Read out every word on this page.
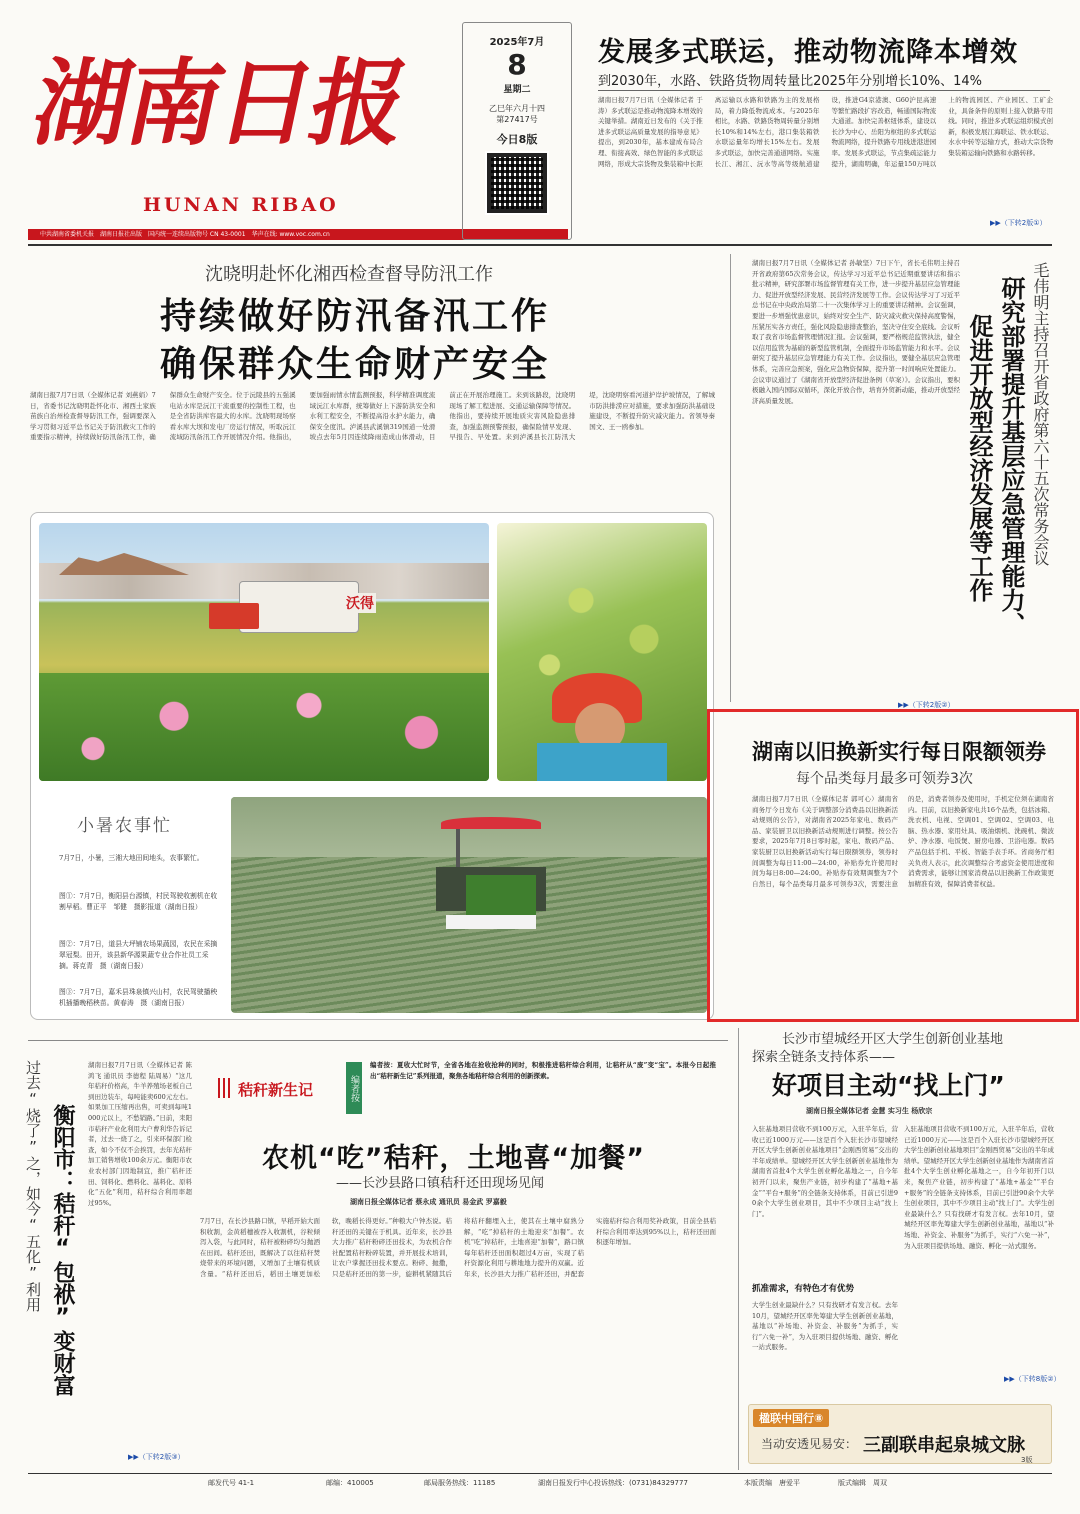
湖南日报
HUNAN RIBAO
中共湖南省委机关报　湖南日报社出版　国内统一连续出版物号 CN 43-0001　华声在线: www.voc.com.cn
2025年7月
8
星期二
乙巳年六月十四
第27417号
今日8版
发展多式联运，推动物流降本增效
到2030年，水路、铁路货物周转量比2025年分别增长10%、14%
湖南日报7月7日讯（全媒体记者 于涛）多式联运是推动物流降本增效的关键举措。湖南近日发布的《关于推进多式联运高质量发展的指导意见》提出，到2030年，基本建成布局合理、衔接高效、绿色智能的多式联运网络，形成大宗货物及集装箱中长距离运输以水路和铁路为主的发展格局，着力降低物流成本。与2025年相比，水路、铁路货物周转量分别增长10%和14%左右，港口集装箱铁水联运量年均增长15%左右。发展多式联运，加快完善通道网络。实施长江、湘江、沅水等高等级航道建设，推进G4京港澳、G60沪昆高速等繁忙路段扩容改造，畅通国际物流大通道。加快完善枢纽体系，建设以长沙为中心、岳阳为枢纽的多式联运物流网络，提升铁路专用线进港进园率。发展多式联运，节点集疏运能力提升，湖南明确，年运量150万吨以上的物流园区、产业园区、工矿企业，具备条件的原则上接入铁路专用线。同时，推进多式联运组织模式创新，积极发展江海联运、铁水联运、水水中转等运输方式，推动大宗货物集装箱运输向铁路和水路转移。
▶▶（下转2版①）
沈晓明赴怀化湘西检查督导防汛工作
持续做好防汛备汛工作
确保群众生命财产安全
湖南日报7月7日讯（全媒体记者 刘燕娟）7日，省委书记沈晓明赴怀化市、湘西土家族苗族自治州检查督导防汛工作，强调要深入学习贯彻习近平总书记关于防汛救灾工作的重要指示精神，持续做好防汛备汛工作，确保群众生命财产安全。位于沅陵县的五强溪电站水库是沅江干流重要的控制性工程，也是全省防洪库容最大的水库。沈晓明现场察看水库大坝和发电厂房运行情况，听取沅江流域防汛备汛工作开展情况介绍。他指出，要加强雨情水情监测预报，科学精准调度流域沅江水库群，统筹做好上下游防洪安全和水利工程安全，不断提高沿水护水能力，确保安全度汛。泸溪县武溪镇319国道一处滑坡点去年5月因连续降雨造成山体滑动，目前正在开展治理施工。来到该路段，沈晓明现场了解工程进展、交通运输保障等情况。他指出，要持续开展地质灾害风险隐患排查，加强监测预警预报，确保险情早发现、早报告、早处置。来到泸溪县长江防汛大堤，沈晓明察看河道护岸护坡情况，了解城市防洪排涝应对措施，要求加强防洪基础设施建设，不断提升防灾减灾能力。省领导秦国文、王一鸥参加。
湖南日报7月7日讯（全媒体记者 孙敏坚）7日下午，省长毛伟明主持召开省政府第65次常务会议，传达学习习近平总书记近期重要讲话和指示批示精神，研究部署市场监督管理有关工作，进一步提升基层应急管理能力、促进开放型经济发展、民营经济发展等工作。会议传达学习了习近平总书记在中央政治局第二十一次集体学习上的重要讲话精神。会议强调，要进一步增强忧患意识，始终对安全生产、防灾减灾救灾保持高度警惕，压紧压实各方责任，强化风险隐患排查整治，坚决守住安全底线。会议听取了我省市场监督管理情况汇报。会议强调，要严格规范监管执法，健全以信用监管为基础的新型监管机制，全面提升市场监管能力和水平。会议研究了提升基层应急管理能力有关工作。会议指出，要健全基层应急管理体系，完善应急预案，强化应急物资保障，提升第一时间响应处置能力。会议审议通过了《湖南省开放型经济促进条例（草案）》。会议指出，要积极融入国内国际双循环，深化开放合作，培育外贸新动能，推动开放型经济高质量发展。
▶▶（下转2版②）
毛伟明主持召开省政府第六十五次常务会议
研究部署提升基层应急管理能力、
促进开放型经济发展等工作
沃得
小暑农事忙
7月7日，小暑，三湘大地田间地头，农事繁忙。
图①：7月7日，衡阳县台源镇，村民驾驶收割机在收割早稻。曹正平　邹健　摄影报道（湖南日报）
图②：7月7日，道县大坪铺农场果蔬园，农民在采摘翠冠梨。田开，该县新华源果蔬专业合作社员工采摘。蒋克青　摄（湖南日报）
图③：7月7日，嘉禾县珠泉镇兴山村，农民驾驶播秧机插播晚稻秧苗。黄春涛　摄（湖南日报）
湖南以旧换新实行每日限额领券
每个品类每月最多可领券3次
湖南日报7月7日讯（全媒体记者 郭可心）湖南省商务厅今日发布《关于调整部分消费品以旧换新活动规则的公告》，对湖南省2025年家电、数码产品、家装厨卫以旧换新活动规则进行调整。按公告要求，2025年7月8日零时起，家电、数码产品、家装厨卫以旧换新活动实行每日限额领券，领券时间调整为每日11:00—24:00，补贴券允许使用时间为每日8:00—24:00。补贴券有效期调整为7个自然日，每个品类每月最多可领券3次，需要注意的是，消费者领券及使用时，手机定位须在湖南省内。目前，以旧换新家电共16个品类，包括冰箱、洗衣机、电视、空调01、空调02、空调03、电脑、热水器、家用灶具、吸油烟机、洗碗机、微波炉、净水器、电饭煲、厨房电器、卫浴电器。数码产品包括手机、平板、智能手表手环。省商务厅相关负责人表示，此次调整综合考虑资金使用进度和消费需求，能够让国家消费品以旧换新工作政策更加精准有效，保障消费者权益。
过去“烧了”之，如今“五化”利用 衡阳市：秸秆“包袱”变财富
湖南日报7月7日讯（全媒体记者 陈鸿飞 通讯员 李德程 陆周易）“这几年秸秆价格高，牛羊养殖场老板自己到田边装车，每吨能卖600元左右。如果加工压缩再出售，可卖到每吨1000元以上，不愁销路。”日前，耒阳市秸秆产业化利用大户曹利华告诉记者，过去一烧了之，引来环保部门检查，如今不仅不会挨罚，去年光秸秆加工销售增收100余万元。衡阳市农业农村部门因地制宜，推广秸秆还田、饲料化、燃料化、基料化、原料化“五化”利用，秸秆综合利用率超过95%。
▶▶（下转2版③）
秸秆新生记	编者按
编者按：夏收大忙时节，全省各地在抢收抢种的同时，积极推进秸秆综合利用，让秸秆从“废”变“宝”。本报今日起推出“秸秆新生记”系列报道，聚焦各地秸秆综合利用的创新探索。
农机“吃”秸秆，土地喜“加餐”
——长沙县路口镇秸秆还田现场见闻
湖南日报全媒体记者 蔡永成 通讯员 易金武 罗嘉毅
7月7日，在长沙县路口镇，早稻开始大面积收割，金黄稻穗被吞入收割机，谷粒倾泻入袋，与此同时，秸秆被粉碎均匀抛洒在田间。秸秆还田，既解决了以往秸秆焚烧带来的环境问题，又增加了土壤有机质含量。“秸秆还田后，稻田土壤更加松软，晚稻长得更好。”种粮大户钟杰说。秸秆还田的关键在于机具。近年来，长沙县大力推广秸秆粉碎还田技术，为农机合作社配置秸秆粉碎装置，并开展技术培训，让农户掌握还田技术要点。粉碎、抛撒，只是秸秆还田的第一步，旋耕机紧随其后将秸秆翻埋入土，使其在土壤中腐熟分解，“吃”掉秸秆的土地迎来“加餐”。农机“吃”掉秸秆，土地喜迎“加餐”，路口镇每年秸秆还田面积超过4万亩，实现了秸秆资源化利用与耕地地力提升的双赢。近年来，长沙县大力推广秸秆还田，并配套实施秸秆综合利用奖补政策，目前全县秸秆综合利用率达到95%以上，秸秆还田面积逐年增加。
长沙市望城经开区大学生创新创业基地
探索全链条支持体系——
好项目主动“找上门”
湖南日报全媒体记者 金慧 实习生 杨欣宗
入驻基地项目营收不到100万元，入驻半年后，营收已近1000万元——这是百个入驻长沙市望城经开区大学生创新创业基地项目“金刚西贸易”交出的半年成绩单。望城经开区大学生创新创业基地作为湖南省首批4个大学生创业孵化基地之一，自今年初开门以来，聚焦产业链，初步构建了“基地+基金”“平台+服务”的全链条支持体系，目前已引进90余个大学生创业项目，其中不少项目主动“找上门”。
抓准需求，有特色才有优势
大学生创业最缺什么？只有找研才有发言权。去年10月，望城经开区率先筹建大学生创新创业基地，基地以“补场地、补资金、补服务”为抓手，实行“六免一补”，为入驻项目提供场地、融资、孵化一站式服务。
入驻基地项目营收不到100万元，入驻半年后，营收已近1000万元——这是百个入驻长沙市望城经开区大学生创新创业基地项目“金刚西贸易”交出的半年成绩单。望城经开区大学生创新创业基地作为湖南省首批4个大学生创业孵化基地之一，自今年初开门以来，聚焦产业链，初步构建了“基地+基金”“平台+服务”的全链条支持体系，目前已引进90余个大学生创业项目，其中不少项目主动“找上门”。大学生创业最缺什么？只有找研才有发言权。去年10月，望城经开区率先筹建大学生创新创业基地，基地以“补场地、补资金、补服务”为抓手，实行“六免一补”，为入驻项目提供场地、融资、孵化一站式服务。
▶▶（下转8版②）
楹联中国行⑧
当动安透见易安： 三副联串起泉城文脉
3版
邮发代号 41-1	邮编：410005	邮局服务热线：11185	湖南日报发行中心投诉热线：(0731)84329777	本版责编　唐爱平	版式编辑　周双
